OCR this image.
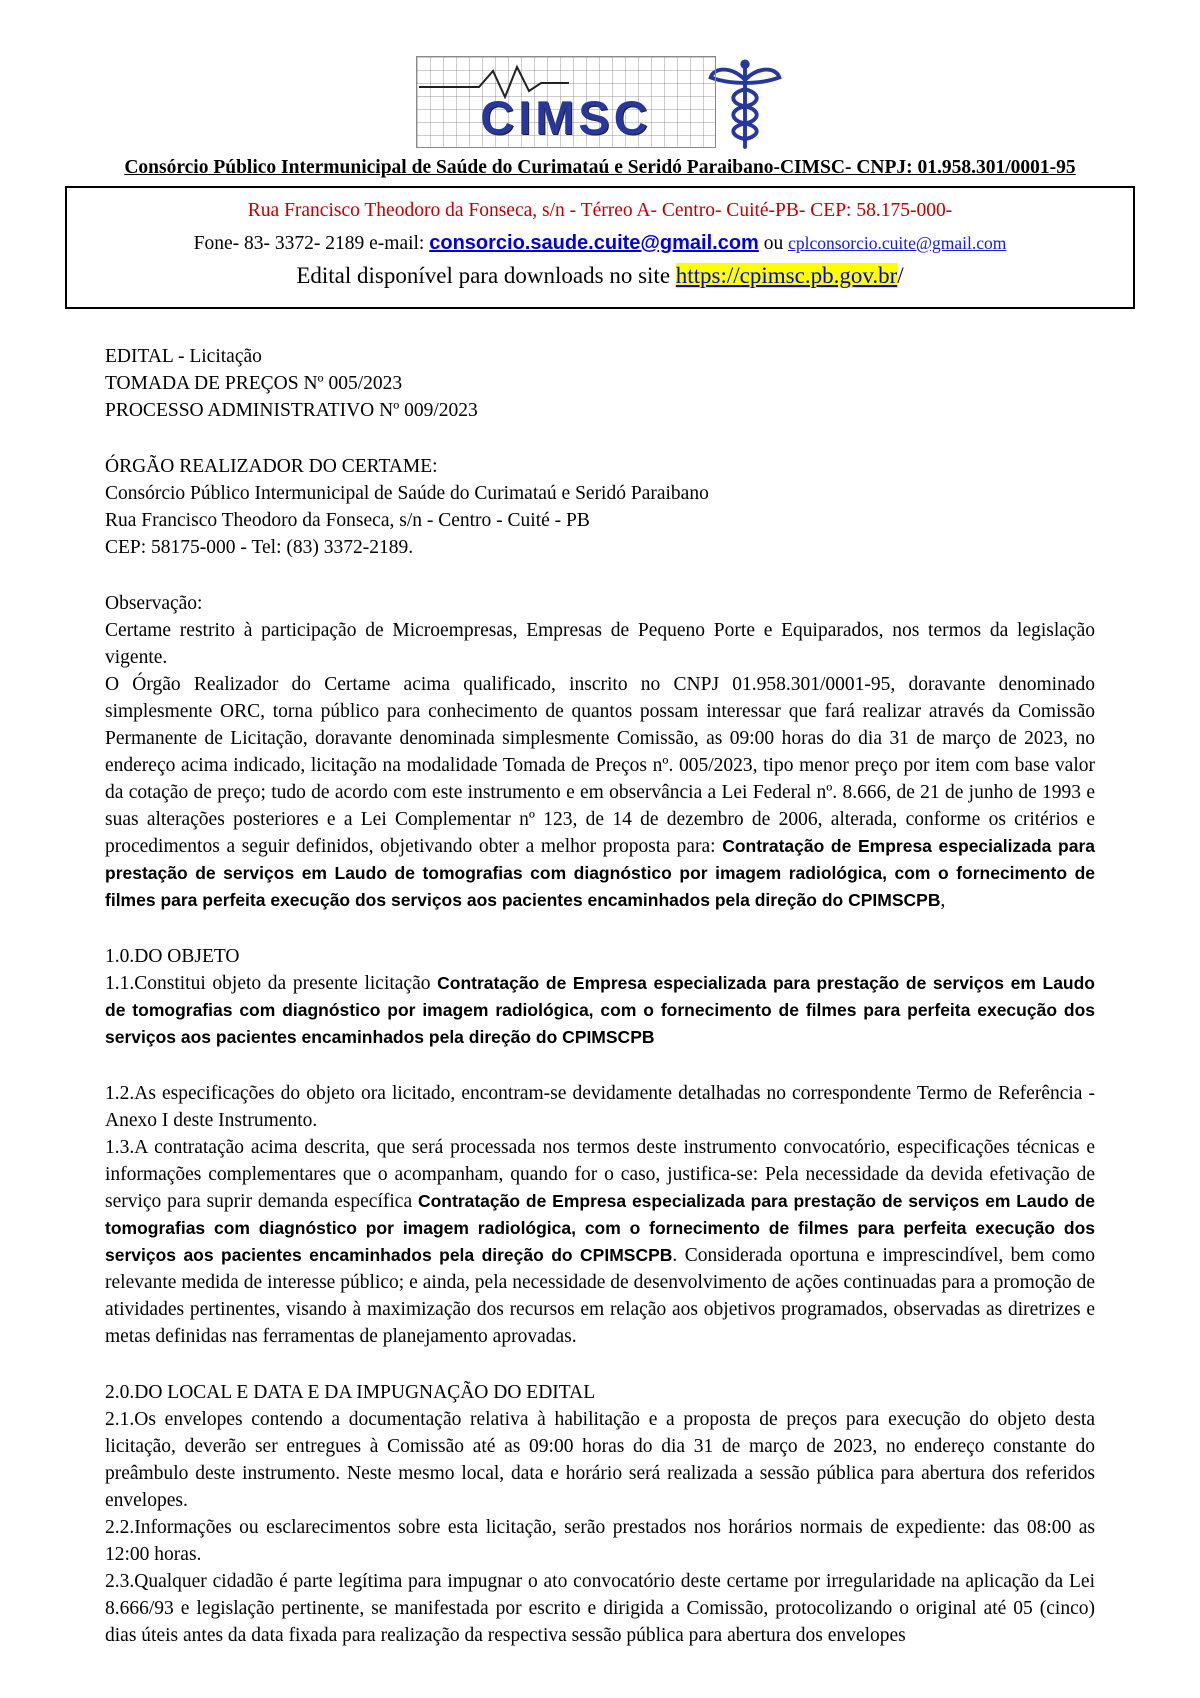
CIMSC
Consórcio Público Intermunicipal de Saúde do Curimataú e Seridó Paraibano-CIMSC- CNPJ: 01.958.301/0001-95

Rua Francisco Theodoro da Fonseca, s/n - Térreo A- Centro- Cuité-PB- CEP: 58.175-000-

Fone- 83- 3372- 2189 e-mail: consorcio.saude.cuite@gmail.com ou cplconsorcio.cuite@gmail.com

Edital disponível para downloads no site https://cpimsc.pb.gov.br/

EDITAL - Licitação
TOMADA DE PREÇOS Nº 005/2023
PROCESSO ADMINISTRATIVO Nº 009/2023
ÓRGÃO REALIZADOR DO CERTAME:
Consórcio Público Intermunicipal de Saúde do Curimataú e Seridó Paraibano
Rua Francisco Theodoro da Fonseca, s/n - Centro - Cuité - PB
CEP: 58175-000 - Tel: (83) 3372-2189.
Observação:

Certame restrito à participação de Microempresas, Empresas de Pequeno Porte e Equiparados, nos termos da legislação vigente.

O Órgão Realizador do Certame acima qualificado, inscrito no CNPJ 01.958.301/0001-95, doravante denominado simplesmente ORC, torna público para conhecimento de quantos possam interessar que fará realizar através da Comissão Permanente de Licitação, doravante denominada simplesmente Comissão, as 09:00 horas do dia 31 de março de 2023, no endereço acima indicado, licitação na modalidade Tomada de Preços nº. 005/2023, tipo menor preço por item com base valor da cotação de preço; tudo de acordo com este instrumento e em observância a Lei Federal nº. 8.666, de 21 de junho de 1993 e suas alterações posteriores e a Lei Complementar nº 123, de 14 de dezembro de 2006, alterada, conforme os critérios e procedimentos a seguir definidos, objetivando obter a melhor proposta para: Contratação de Empresa especializada para prestação de serviços em Laudo de tomografias com diagnóstico por imagem radiológica, com o fornecimento de filmes para perfeita execução dos serviços aos pacientes encaminhados pela direção do CPIMSCPB,

1.0.DO OBJETO

1.1.Constitui objeto da presente licitação Contratação de Empresa especializada para prestação de serviços em Laudo de tomografias com diagnóstico por imagem radiológica, com o fornecimento de filmes para perfeita execução dos serviços aos pacientes encaminhados pela direção do CPIMSCPB

1.2.As especificações do objeto ora licitado, encontram-se devidamente detalhadas no correspondente Termo de Referência - Anexo I deste Instrumento.

1.3.A contratação acima descrita, que será processada nos termos deste instrumento convocatório, especificações técnicas e informações complementares que o acompanham, quando for o caso, justifica-se: Pela necessidade da devida efetivação de serviço para suprir demanda específica Contratação de Empresa especializada para prestação de serviços em Laudo de tomografias com diagnóstico por imagem radiológica, com o fornecimento de filmes para perfeita execução dos serviços aos pacientes encaminhados pela direção do CPIMSCPB. Considerada oportuna e imprescindível, bem como relevante medida de interesse público; e ainda, pela necessidade de desenvolvimento de ações continuadas para a promoção de atividades pertinentes, visando à maximização dos recursos em relação aos objetivos programados, observadas as diretrizes e metas definidas nas ferramentas de planejamento aprovadas.

2.0.DO LOCAL E DATA E DA IMPUGNAÇÃO DO EDITAL

2.1.Os envelopes contendo a documentação relativa à habilitação e a proposta de preços para execução do objeto desta licitação, deverão ser entregues à Comissão até as 09:00 horas do dia 31 de março de 2023, no endereço constante do preâmbulo deste instrumento. Neste mesmo local, data e horário será realizada a sessão pública para abertura dos referidos envelopes.

2.2.Informações ou esclarecimentos sobre esta licitação, serão prestados nos horários normais de expediente: das 08:00 as 12:00 horas.

2.3.Qualquer cidadão é parte legítima para impugnar o ato convocatório deste certame por irregularidade na aplicação da Lei 8.666/93 e legislação pertinente, se manifestada por escrito e dirigida a Comissão, protocolizando o original até 05 (cinco) dias úteis antes da data fixada para realização da respectiva sessão pública para abertura dos envelopes
